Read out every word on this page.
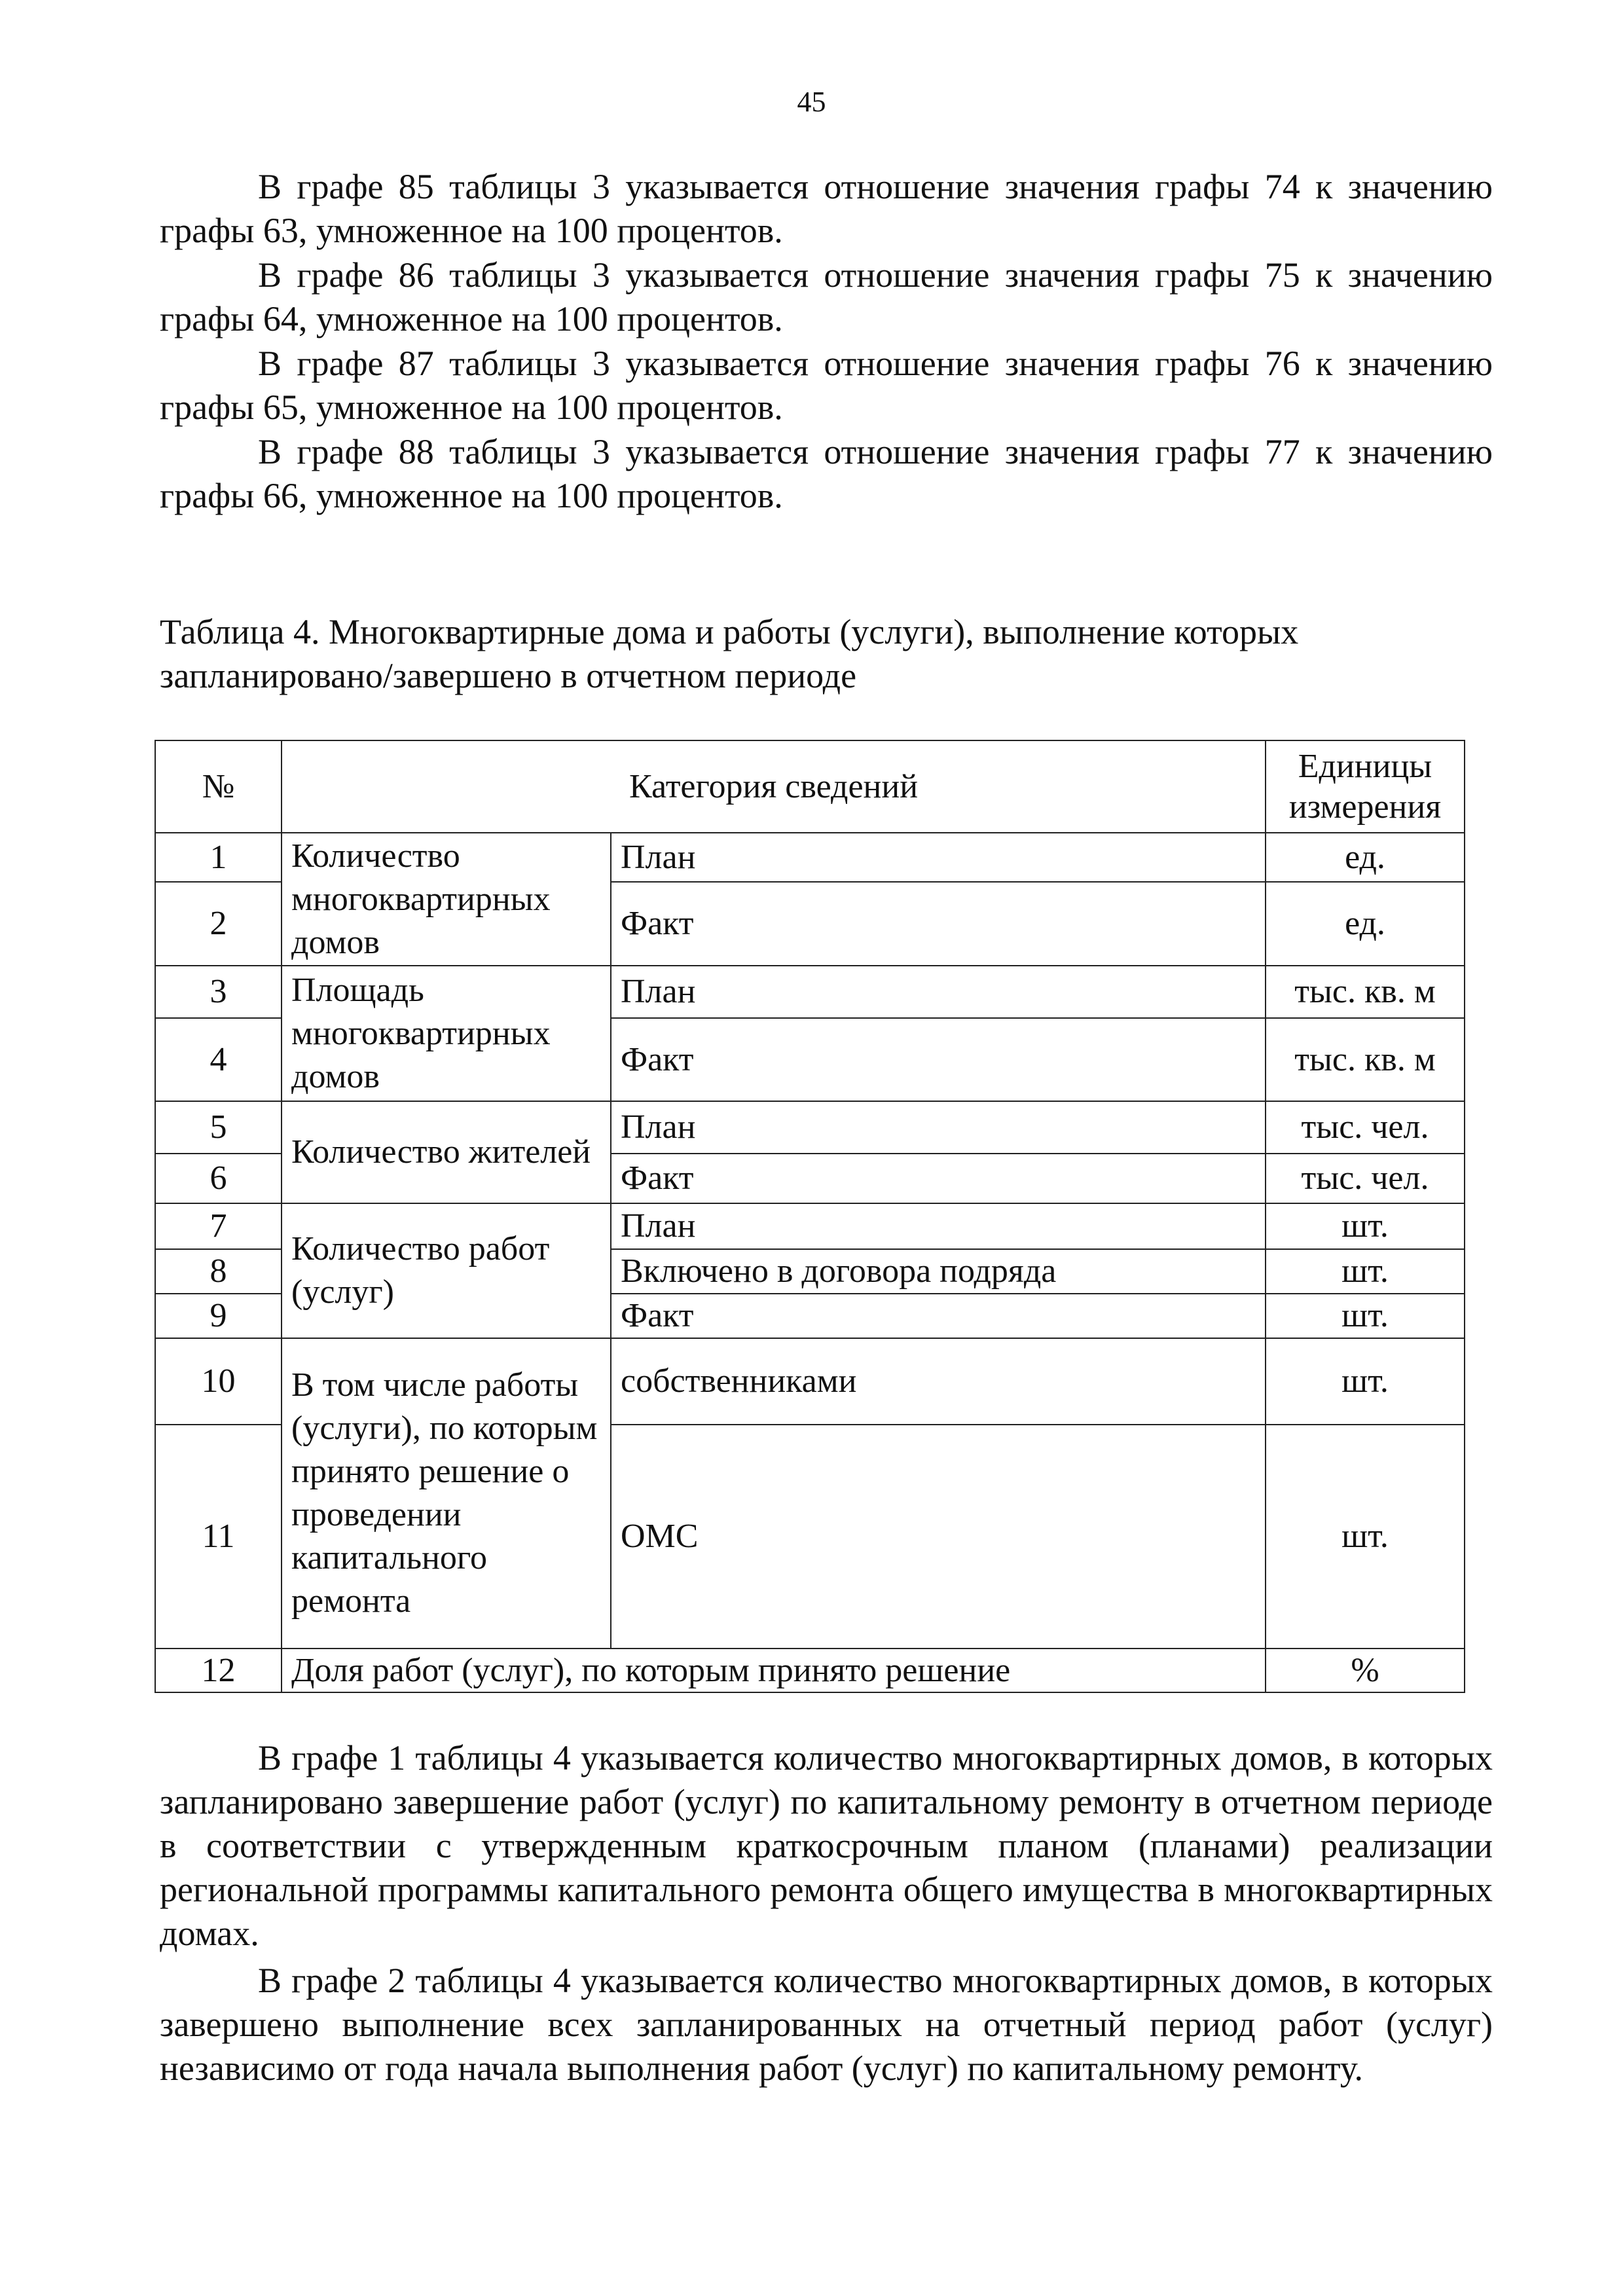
45

В графе 85 таблицы 3 указывается отношение значения графы 74 к значению графы 63, умноженное на 100 процентов.

В графе 86 таблицы 3 указывается отношение значения графы 75 к значению графы 64, умноженное на 100 процентов.

В графе 87 таблицы 3 указывается отношение значения графы 76 к значению графы 65, умноженное на 100 процентов.

В графе 88 таблицы 3 указывается отношение значения графы 77 к значению графы 66, умноженное на 100 процентов.

Таблица 4. Многоквартирные дома и работы (услуги), выполнение которых запланировано/завершено в отчетном периоде

№	Категория сведений		Единицы измерения
1	Количество многоквартирных домов	План	ед.
2		Факт	ед.
3	Площадь многоквартирных домов	План	тыс. кв. м
4		Факт	тыс. кв. м
5	Количество жителей	План	тыс. чел.
6		Факт	тыс. чел.
7	Количество работ (услуг)	План	шт.
8		Включено в договора подряда	шт.
9		Факт	шт.
10	В том числе работы (услуги), по которым принято решение о проведении капитального ремонта	собственниками	шт.
11		ОМС	шт.
12	Доля работ (услуг), по которым принято решение		%

В графе 1 таблицы 4 указывается количество многоквартирных домов, в которых запланировано завершение работ (услуг) по капитальному ремонту в отчетном периоде в соответствии с утвержденным краткосрочным планом (планами) реализации региональной программы капитального ремонта общего имущества в многоквартирных домах.

В графе 2 таблицы 4 указывается количество многоквартирных домов, в которых завершено выполнение всех запланированных на отчетный период работ (услуг) независимо от года начала выполнения работ (услуг) по капитальному ремонту.
